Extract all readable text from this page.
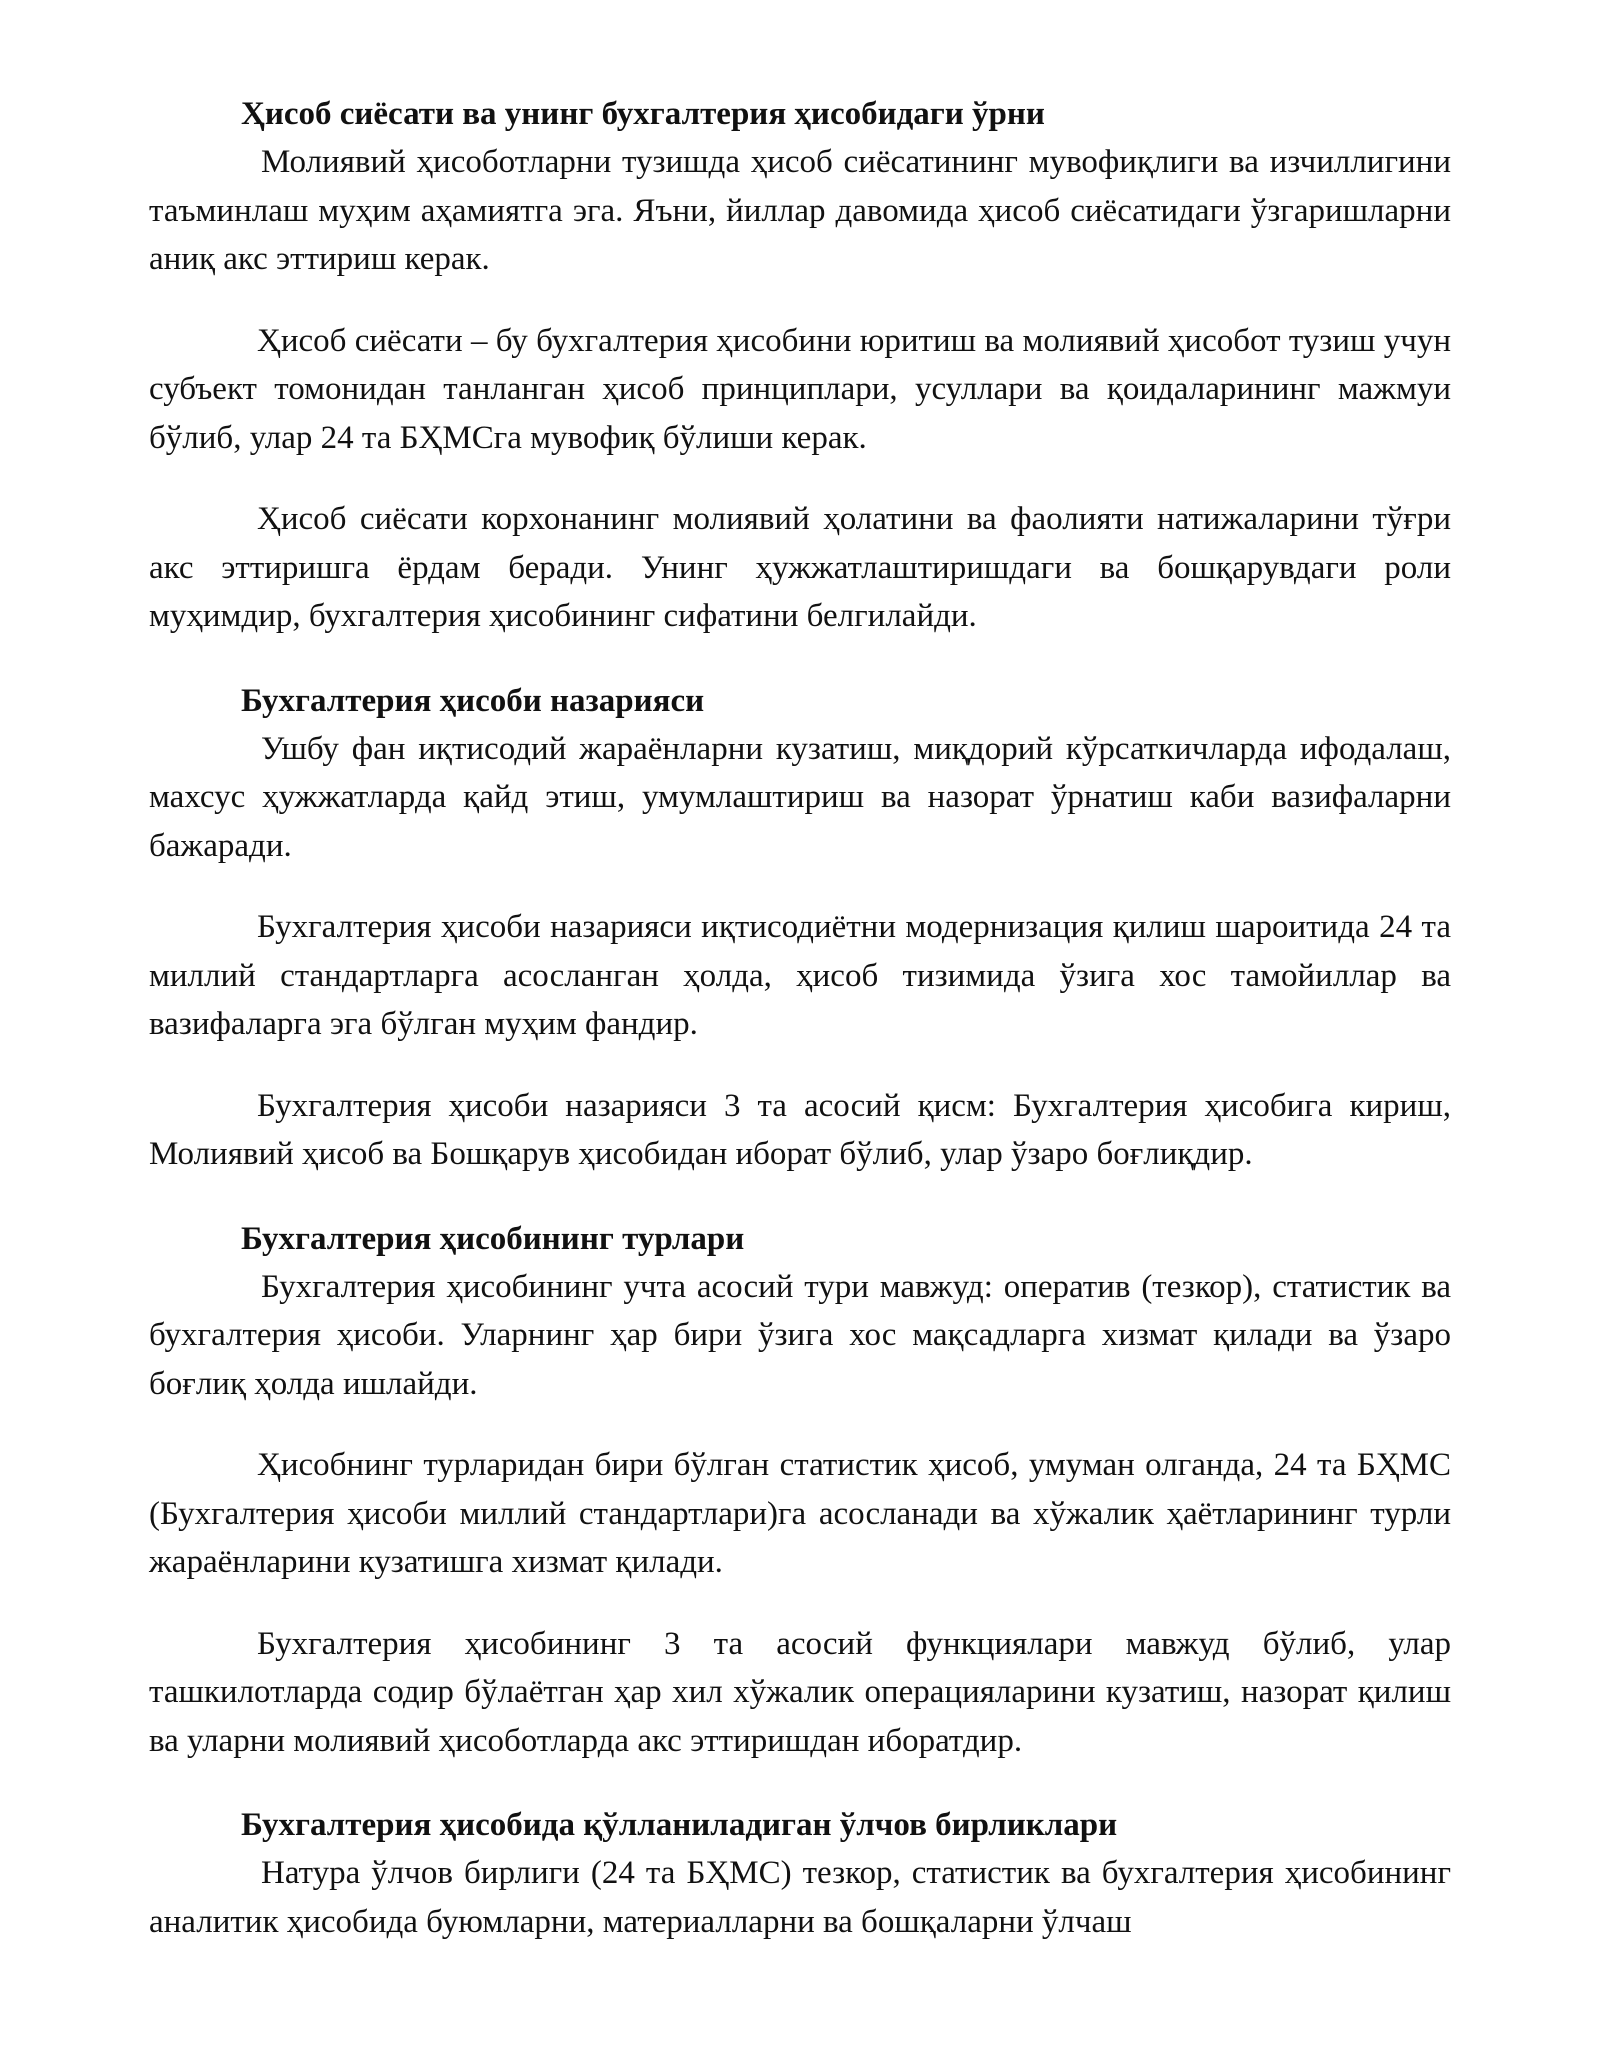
Ҳисоб сиёсати ва унинг бухгалтерия ҳисобидаги ўрни

Молиявий ҳисоботларни тузишда ҳисоб сиёсатининг мувофиқлиги ва изчиллигини таъминлаш муҳим аҳамиятга эга. Яъни, йиллар давомида ҳисоб сиёсатидаги ўзгаришларни аниқ акс эттириш керак.

Ҳисоб сиёсати – бу бухгалтерия ҳисобини юритиш ва молиявий ҳисобот тузиш учун субъект томонидан танланган ҳисоб принциплари, усуллари ва қоидаларининг мажмуи бўлиб, улар 24 та БҲМСга мувофиқ бўлиши керак.

Ҳисоб сиёсати корхонанинг молиявий ҳолатини ва фаолияти натижаларини тўғри акс эттиришга ёрдам беради. Унинг ҳужжатлаштиришдаги ва бошқарувдаги роли муҳимдир, бухгалтерия ҳисобининг сифатини белгилайди.

Бухгалтерия ҳисоби назарияси

Ушбу фан иқтисодий жараёнларни кузатиш, миқдорий кўрсаткичларда ифодалаш, махсус ҳужжатларда қайд этиш, умумлаштириш ва назорат ўрнатиш каби вазифаларни бажаради.

Бухгалтерия ҳисоби назарияси иқтисодиётни модернизация қилиш шароитида 24 та миллий стандартларга асосланган ҳолда, ҳисоб тизимида ўзига хос тамойиллар ва вазифаларга эга бўлган муҳим фандир.

Бухгалтерия ҳисоби назарияси 3 та асосий қисм: Бухгалтерия ҳисобига кириш, Молиявий ҳисоб ва Бошқарув ҳисобидан иборат бўлиб, улар ўзаро боғлиқдир.

Бухгалтерия ҳисобининг турлари

Бухгалтерия ҳисобининг учта асосий тури мавжуд: оператив (тезкор), статистик ва бухгалтерия ҳисоби. Уларнинг ҳар бири ўзига хос мақсадларга хизмат қилади ва ўзаро боғлиқ ҳолда ишлайди.

Ҳисобнинг турларидан бири бўлган статистик ҳисоб, умуман олганда, 24 та БҲМС (Бухгалтерия ҳисоби миллий стандартлари)га асосланади ва хўжалик ҳаётларининг турли жараёнларини кузатишга хизмат қилади.

Бухгалтерия ҳисобининг 3 та асосий функциялари мавжуд бўлиб, улар ташкилотларда содир бўлаётган ҳар хил хўжалик операцияларини кузатиш, назорат қилиш ва уларни молиявий ҳисоботларда акс эттиришдан иборатдир.

Бухгалтерия ҳисобида қўлланиладиган ўлчов бирликлари

Натура ўлчов бирлиги (24 та БҲМС) тезкор, статистик ва бухгалтерия ҳисобининг аналитик ҳисобида буюмларни, материалларни ва бошқаларни ўлчаш
